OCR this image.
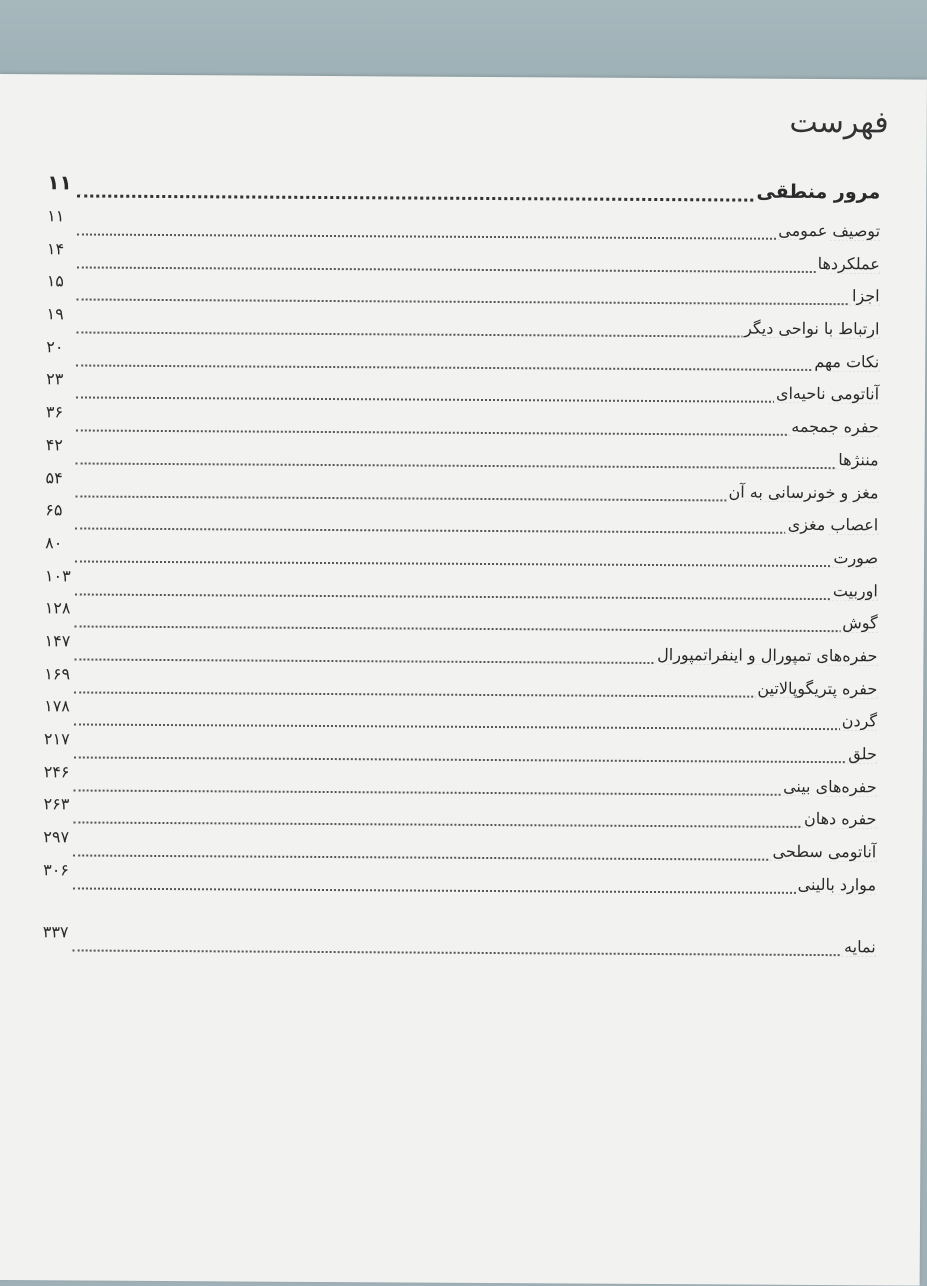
فهرست
مرور منطقی
۱۱
توصیف عمومی
۱۱
عملکردها
۱۴
اجزا
۱۵
ارتباط با نواحی دیگر
۱۹
نکات مهم
۲۰
آناتومی ناحیه‌ای
۲۳
حفره جمجمه
۳۶
مننژها
۴۲
مغز و خونرسانی به آن
۵۴
اعصاب مغزی
۶۵
صورت
۸۰
اوربیت
۱۰۳
گوش
۱۲۸
حفره‌های تمپورال و اینفراتمپورال
۱۴۷
حفره پتریگوپالاتین
۱۶۹
گردن
۱۷۸
حلق
۲۱۷
حفره‌های بینی
۲۴۶
حفره دهان
۲۶۳
آناتومی سطحی
۲۹۷
موارد بالینی
۳۰۶
نمایه
۳۳۷
